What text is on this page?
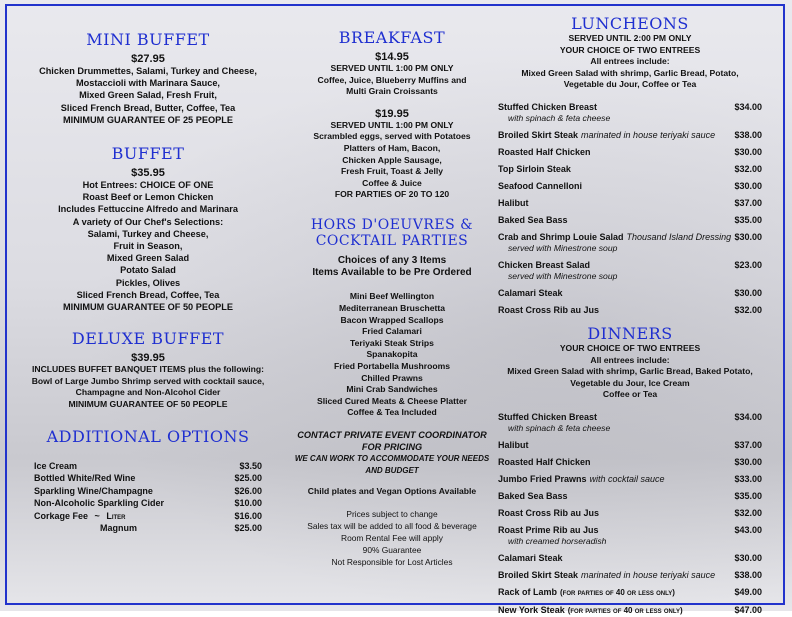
MINI BUFFET
$27.95
Chicken Drummettes, Salami, Turkey and Cheese,
Mostaccioli with Marinara Sauce,
Mixed Green Salad, Fresh Fruit,
Sliced French Bread, Butter, Coffee, Tea
MINIMUM GUARANTEE OF 25 PEOPLE
BUFFET
$35.95
Hot Entrees: CHOICE OF ONE
Roast Beef or Lemon Chicken
Includes Fettuccine Alfredo and Marinara
A variety of Our Chef's Selections:
Salami, Turkey and Cheese,
Fruit in Season,
Mixed Green Salad
Potato Salad
Pickles, Olives
Sliced French Bread, Coffee, Tea
MINIMUM GUARANTEE OF 50 PEOPLE
DELUXE BUFFET
$39.95
INCLUDES BUFFET BANQUET ITEMS plus the following:
Bowl of Large Jumbo Shrimp served with cocktail sauce,
Champagne and Non-Alcohol Cider
MINIMUM GUARANTEE OF 50 PEOPLE
ADDITIONAL OPTIONS
Ice Cream	$3.50
Bottled White/Red Wine	$25.00
Sparkling Wine/Champagne	$26.00
Non-Alcoholic Sparkling Cider	$10.00
Corkage Fee ~ Liter	$16.00
Magnum	$25.00
BREAKFAST
$14.95
SERVED UNTIL 1:00 PM ONLY
Coffee, Juice, Blueberry Muffins and
Multi Grain Croissants
$19.95
SERVED UNTIL 1:00 PM ONLY
Scrambled eggs, served with Potatoes
Platters of Ham, Bacon,
Chicken Apple Sausage,
Fresh Fruit, Toast & Jelly
Coffee & Juice
FOR PARTIES OF 20 TO 120
HORS D'OEUVRES &
COCKTAIL PARTIES
Choices of any 3 Items
Items Available to be Pre Ordered
Mini Beef Wellington
Mediterranean Bruschetta
Bacon Wrapped Scallops
Fried Calamari
Teriyaki Steak Strips
Spanakopita
Fried Portabella Mushrooms
Chilled Prawns
Mini Crab Sandwiches
Sliced Cured Meats & Cheese Platter
Coffee & Tea Included
CONTACT PRIVATE EVENT COORDINATOR
FOR PRICING
WE CAN WORK TO ACCOMMODATE YOUR NEEDS
AND BUDGET
Child plates and Vegan Options Available
Prices subject to change
Sales tax will be added to all food & beverage
Room Rental Fee will apply
90% Guarantee
Not Responsible for Lost Articles
LUNCHEONS
SERVED UNTIL 2:00 PM ONLY
YOUR CHOICE OF TWO ENTREES
All entrees include:
Mixed Green Salad with shrimp, Garlic Bread, Potato,
Vegetable du Jour, Coffee or Tea
Stuffed Chicken Breast	$34.00
with spinach & feta cheese
Broiled Skirt Steak marinated in house teriyaki sauce $38.00
Roasted Half Chicken	$30.00
Top Sirloin Steak	$32.00
Seafood Cannelloni	$30.00
Halibut	$37.00
Baked Sea Bass	$35.00
Crab and Shrimp Louie Salad Thousand Island Dressing $30.00
served with Minestrone soup
Chicken Breast Salad	$23.00
served with Minestrone soup
Calamari Steak	$30.00
Roast Cross Rib au Jus	$32.00
DINNERS
YOUR CHOICE OF TWO ENTREES
All entrees include:
Mixed Green Salad with shrimp, Garlic Bread, Baked Potato,
Vegetable du Jour, Ice Cream
Coffee or Tea
Stuffed Chicken Breast	$34.00
with spinach & feta cheese
Halibut	$37.00
Roasted Half Chicken	$30.00
Jumbo Fried Prawns with cocktail sauce	$33.00
Baked Sea Bass	$35.00
Roast Cross Rib au Jus	$32.00
Roast Prime Rib au Jus	$43.00
with creamed horseradish
Calamari Steak	$30.00
Broiled Skirt Steak marinated in house teriyaki sauce $38.00
Rack of Lamb (for parties of 40 or less only)	$49.00
New York Steak (for parties of 40 or less only)	$47.00
